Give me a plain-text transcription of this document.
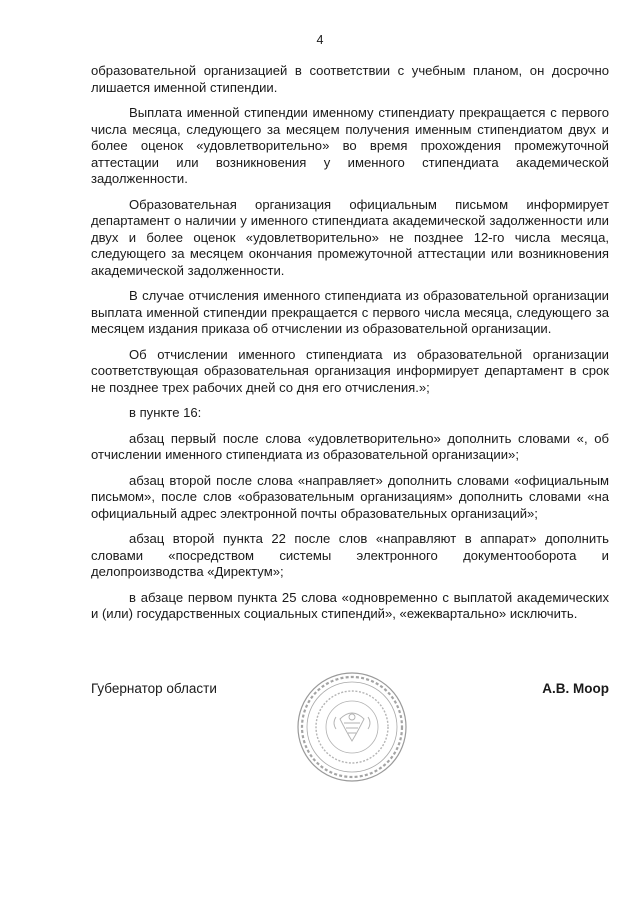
4

образовательной организацией в соответствии с учебным планом, он досрочно лишается именной стипендии.

Выплата именной стипендии именному стипендиату прекращается с первого числа месяца, следующего за месяцем получения именным стипендиатом двух и более оценок «удовлетворительно» во время прохождения промежуточной аттестации или возникновения у именного стипендиата академической задолженности.

Образовательная организация официальным письмом информирует департамент о наличии у именного стипендиата академической задолженности или двух и более оценок «удовлетворительно» не позднее 12-го числа месяца, следующего за месяцем окончания промежуточной аттестации или возникновения академической задолженности.

В случае отчисления именного стипендиата из образовательной организации выплата именной стипендии прекращается с первого числа месяца, следующего за месяцем издания приказа об отчислении из образовательной организации.

Об отчислении именного стипендиата из образовательной организации соответствующая образовательная организация информирует департамент в срок не позднее трех рабочих дней со дня его отчисления.»;

в пункте 16:

абзац первый после слова «удовлетворительно» дополнить словами «, об отчислении именного стипендиата из образовательной организации»;

абзац второй после слова «направляет» дополнить словами «официальным письмом», после слов «образовательным организациям» дополнить словами «на официальный адрес электронной почты образовательных организаций»;

абзац второй пункта 22 после слов «направляют в аппарат» дополнить словами «посредством системы электронного документооборота и делопроизводства «Директум»;

в абзаце первом пункта 25 слова «одновременно с выплатой академических и (или) государственных социальных стипендий», «ежеквартально» исключить.

Губернатор области	А.В. Моор
